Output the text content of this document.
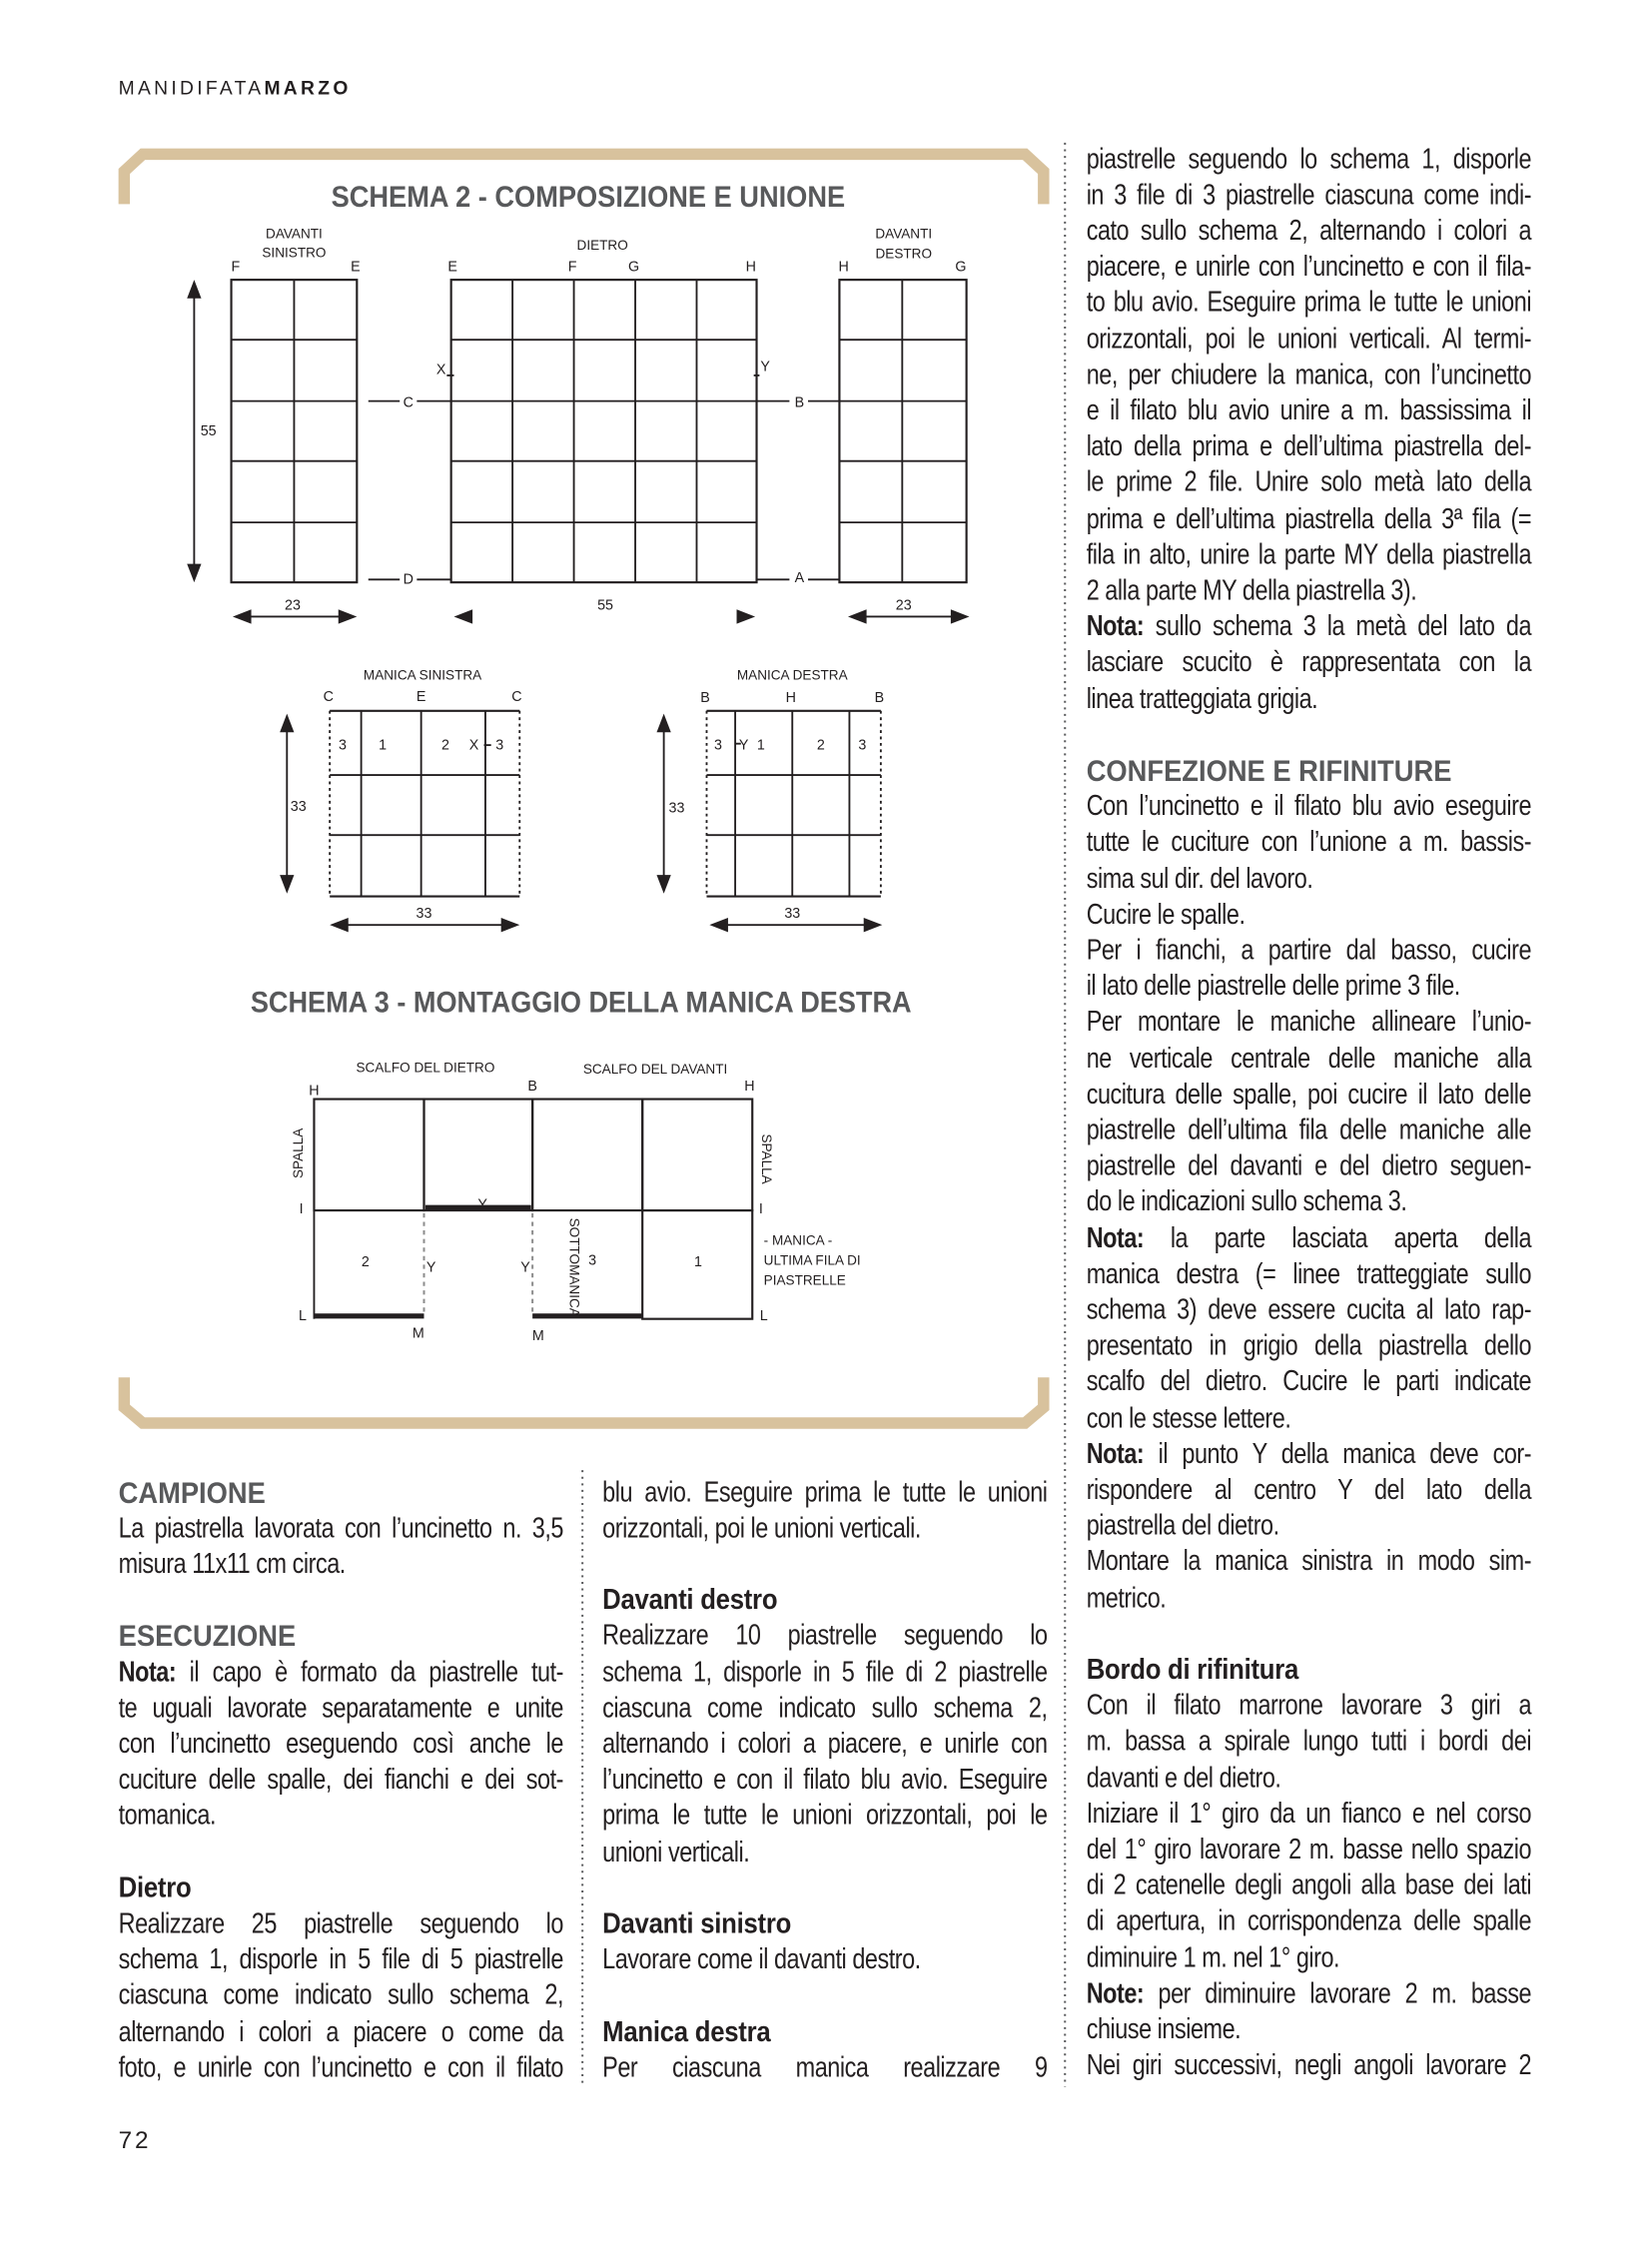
MANIDIFATAMARZO
SCHEMA 2 - COMPOSIZIONE E UNIONE
SCHEMA 3 - MONTAGGIO DELLA MANICA DESTRA
DAVANTI
SINISTRO
F	E
DIETRO
E	F	G	H
DAVANTI
DESTRO
H	G
55
X	Y
C	B
D	A
23	55	23
MANICA SINISTRA
C	E	C
3	1	2 X 3
33
33
MANICA DESTRA
B	H	B
3 Y 1	2	3
33
33
SCALFO DEL DIETRO	SCALFO DEL DAVANTI
H	B	H
Y
Y	Y
2	3	1
SOTTOMANICA
SPALLA	SPALLA
I	I
L	L
M	M
- MANICA -
ULTIMA FILA DI
PIASTRELLE
72
CAMPIONE
La piastrella lavorata con l’uncinetto n. 3,5
misura 11x11 cm circa.
ESECUZIONE
Nota: il capo è formato da piastrelle tut-
te uguali lavorate separatamente e unite
con l’uncinetto eseguendo così anche le
cuciture delle spalle, dei fianchi e dei sot-
tomanica.
Dietro
Realizzare 25 piastrelle seguendo lo
schema 1, disporle in 5 file di 5 piastrelle
ciascuna come indicato sullo schema 2,
alternando i colori a piacere o come da
foto, e unirle con l’uncinetto e con il filato
blu avio. Eseguire prima le tutte le unioni
orizzontali, poi le unioni verticali.
Davanti destro
Realizzare 10 piastrelle seguendo lo
schema 1, disporle in 5 file di 2 piastrelle
ciascuna come indicato sullo schema 2,
alternando i colori a piacere, e unirle con
l’uncinetto e con il filato blu avio. Eseguire
prima le tutte le unioni orizzontali, poi le
unioni verticali.
Davanti sinistro
Lavorare come il davanti destro.
Manica destra
Per ciascuna manica realizzare 9
piastrelle seguendo lo schema 1, disporle
in 3 file di 3 piastrelle ciascuna come indi-
cato sullo schema 2, alternando i colori a
piacere, e unirle con l’uncinetto e con il fila-
to blu avio. Eseguire prima le tutte le unioni
orizzontali, poi le unioni verticali. Al termi-
ne, per chiudere la manica, con l’uncinetto
e il filato blu avio unire a m. bassissima il
lato della prima e dell’ultima piastrella del-
le prime 2 file. Unire solo metà lato della
prima e dell’ultima piastrella della 3ª fila (=
fila in alto, unire la parte MY della piastrella
2 alla parte MY della piastrella 3).
Nota: sullo schema 3 la metà del lato da
lasciare scucito è rappresentata con la
linea tratteggiata grigia.
CONFEZIONE E RIFINITURE
Con l’uncinetto e il filato blu avio eseguire
tutte le cuciture con l’unione a m. bassis-
sima sul dir. del lavoro.
Cucire le spalle.
Per i fianchi, a partire dal basso, cucire
il lato delle piastrelle delle prime 3 file.
Per montare le maniche allineare l’unio-
ne verticale centrale delle maniche alla
cucitura delle spalle, poi cucire il lato delle
piastrelle dell’ultima fila delle maniche alle
piastrelle del davanti e del dietro seguen-
do le indicazioni sullo schema 3.
Nota: la parte lasciata aperta della
manica destra (= linee tratteggiate sullo
schema 3) deve essere cucita al lato rap-
presentato in grigio della piastrella dello
scalfo del dietro. Cucire le parti indicate
con le stesse lettere.
Nota: il punto Y della manica deve cor-
rispondere al centro Y del lato della
piastrella del dietro.
Montare la manica sinistra in modo sim-
metrico.
Bordo di rifinitura
Con il filato marrone lavorare 3 giri a
m. bassa a spirale lungo tutti i bordi dei
davanti e del dietro.
Iniziare il 1° giro da un fianco e nel corso
del 1° giro lavorare 2 m. basse nello spazio
di 2 catenelle degli angoli alla base dei lati
di apertura, in corrispondenza delle spalle
diminuire 1 m. nel 1° giro.
Note: per diminuire lavorare 2 m. basse
chiuse insieme.
Nei giri successivi, negli angoli lavorare 2
